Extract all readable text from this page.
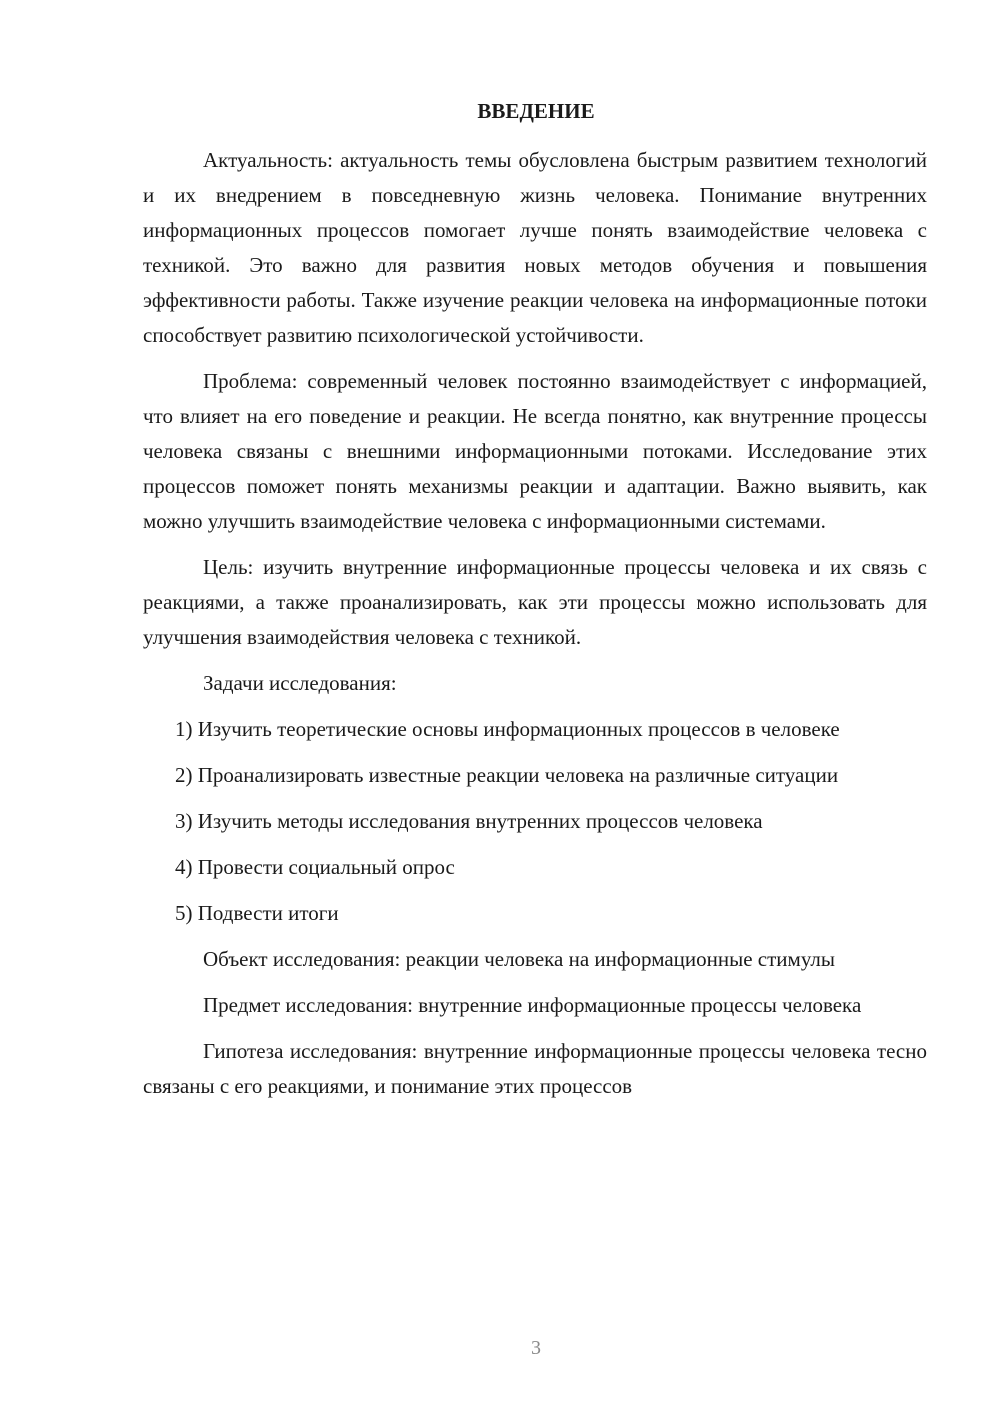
ВВЕДЕНИЕ

Актуальность: актуальность темы обусловлена быстрым развитием технологий и их внедрением в повседневную жизнь человека. Понимание внутренних информационных процессов помогает лучше понять взаимодействие человека с техникой. Это важно для развития новых методов обучения и повышения эффективности работы. Также изучение реакции человека на информационные потоки способствует развитию психологической устойчивости.

Проблема: современный человек постоянно взаимодействует с информацией, что влияет на его поведение и реакции. Не всегда понятно, как внутренние процессы человека связаны с внешними информационными потоками. Исследование этих процессов поможет понять механизмы реакции и адаптации. Важно выявить, как можно улучшить взаимодействие человека с информационными системами.

Цель: изучить внутренние информационные процессы человека и их связь с реакциями, а также проанализировать, как эти процессы можно использовать для улучшения взаимодействия человека с техникой.

Задачи исследования:

1) Изучить теоретические основы информационных процессов в человеке

2) Проанализировать известные реакции человека на различные ситуации

3) Изучить методы исследования внутренних процессов человека

4) Провести социальный опрос

5) Подвести итоги

Объект исследования: реакции человека на информационные стимулы

Предмет исследования: внутренние информационные процессы человека

Гипотеза исследования: внутренние информационные процессы человека тесно связаны с его реакциями, и понимание этих процессов

3
